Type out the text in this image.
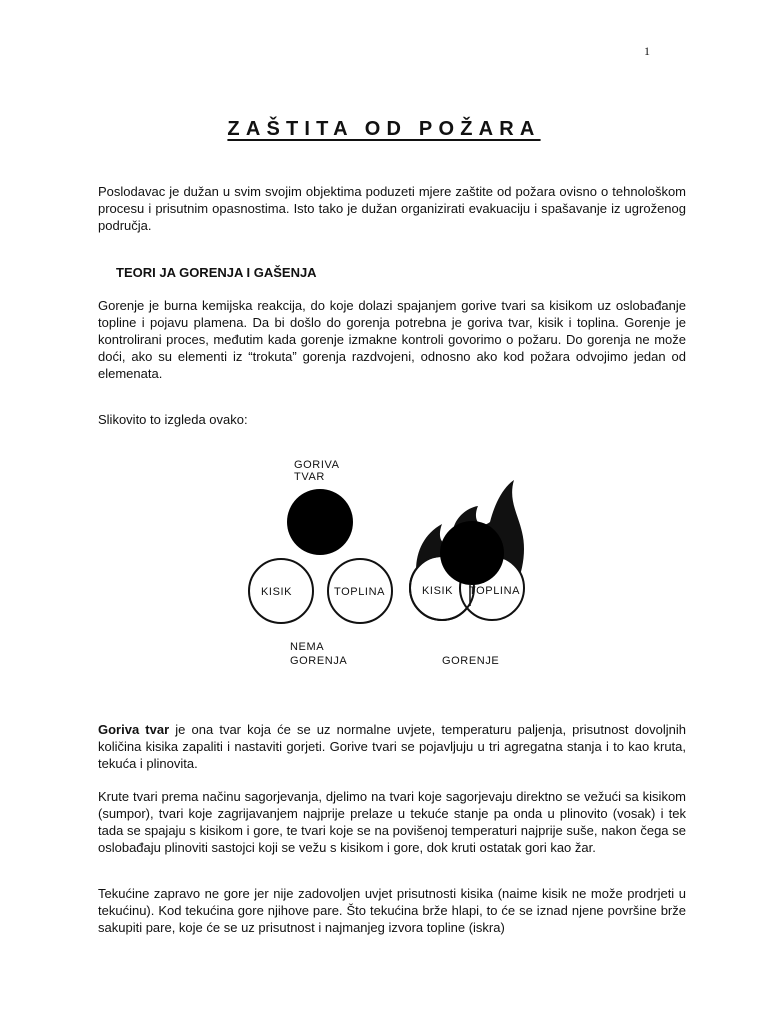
1
ZAŠTITA OD POŽARA

Poslodavac je dužan u svim svojim objektima poduzeti mjere zaštite od požara ovisno o tehnološkom procesu i prisutnim opasnostima. Isto tako je dužan organizirati evakuaciju i spašavanje iz ugroženog područja.

TEORI JA GORENJA I GAŠENJA

Gorenje je burna kemijska reakcija, do koje dolazi spajanjem gorive tvari sa kisikom uz oslobađanje topline i pojavu plamena. Da bi došlo do gorenja potrebna je goriva tvar, kisik i toplina. Gorenje je kontrolirani proces, međutim kada gorenje izmakne kontroli govorimo o požaru. Do gorenja ne može doći, ako su elementi iz “trokuta” gorenja razdvojeni, odnosno ako kod požara odvojimo jedan od elemenata.

Slikovito to izgleda ovako:

GORIVA
TVAR
KISIK	TOPLINA
NEMA
GORENJA
KISIK TOPLINA
GORENJE

Goriva tvar je ona tvar koja će se uz normalne uvjete, temperaturu paljenja, prisutnost dovoljnih količina kisika zapaliti i nastaviti gorjeti. Gorive tvari se pojavljuju u tri agregatna stanja i to kao kruta, tekuća i plinovita.

Krute tvari prema načinu sagorjevanja, djelimo na tvari koje sagorjevaju direktno se vežući sa kisikom (sumpor), tvari koje zagrijavanjem najprije prelaze u tekuće stanje pa onda u plinovito (vosak) i tek tada se spajaju s kisikom i gore, te tvari koje se na povišenoj temperaturi najprije suše, nakon čega se oslobađaju plinoviti sastojci koji se vežu s kisikom i gore, dok kruti ostatak gori kao žar.

Tekućine zapravo ne gore jer nije zadovoljen uvjet prisutnosti kisika (naime kisik ne može prodrjeti u tekućinu). Kod tekućina gore njihove pare. Što tekućina brže hlapi, to će se iznad njene površine brže sakupiti pare, koje će se uz prisutnost i najmanjeg izvora topline (iskra)
